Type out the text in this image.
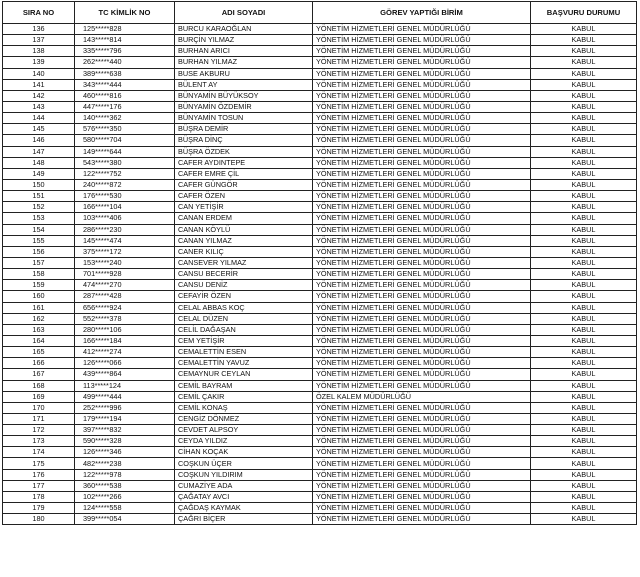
SIRA NO	TC KİMLİK NO	ADI SOYADI	GÖREV YAPTIĞI BİRİM	BAŞVURU DURUMU
136	125*****828	BURCU KARAOĞLAN	YÖNETİM HİZMETLERİ GENEL MÜDÜRLÜĞÜ	KABUL
137	143*****814	BURÇİN YILMAZ	YÖNETİM HİZMETLERİ GENEL MÜDÜRLÜĞÜ	KABUL
138	335*****796	BURHAN ARICI	YÖNETİM HİZMETLERİ GENEL MÜDÜRLÜĞÜ	KABUL
139	262*****440	BURHAN YILMAZ	YÖNETİM HİZMETLERİ GENEL MÜDÜRLÜĞÜ	KABUL
140	389*****638	BUSE AKBURU	YÖNETİM HİZMETLERİ GENEL MÜDÜRLÜĞÜ	KABUL
141	343*****444	BÜLENT AY	YÖNETİM HİZMETLERİ GENEL MÜDÜRLÜĞÜ	KABUL
142	460*****816	BÜNYAMİN BÜYÜKSOY	YÖNETİM HİZMETLERİ GENEL MÜDÜRLÜĞÜ	KABUL
143	447*****176	BÜNYAMİN ÖZDEMİR	YÖNETİM HİZMETLERİ GENEL MÜDÜRLÜĞÜ	KABUL
144	140*****362	BÜNYAMİN TOSUN	YÖNETİM HİZMETLERİ GENEL MÜDÜRLÜĞÜ	KABUL
145	576*****350	BÜŞRA DEMİR	YÖNETİM HİZMETLERİ GENEL MÜDÜRLÜĞÜ	KABUL
146	580*****704	BÜŞRA DİNÇ	YÖNETİM HİZMETLERİ GENEL MÜDÜRLÜĞÜ	KABUL
147	149*****644	BÜŞRA ÖZDEK	YÖNETİM HİZMETLERİ GENEL MÜDÜRLÜĞÜ	KABUL
148	543*****380	CAFER AYDINTEPE	YÖNETİM HİZMETLERİ GENEL MÜDÜRLÜĞÜ	KABUL
149	122*****752	CAFER EMRE ÇİL	YÖNETİM HİZMETLERİ GENEL MÜDÜRLÜĞÜ	KABUL
150	240*****872	CAFER GÜNGÖR	YÖNETİM HİZMETLERİ GENEL MÜDÜRLÜĞÜ	KABUL
151	176*****530	CAFER ÖZEN	YÖNETİM HİZMETLERİ GENEL MÜDÜRLÜĞÜ	KABUL
152	166*****104	CAN YETİŞİR	YÖNETİM HİZMETLERİ GENEL MÜDÜRLÜĞÜ	KABUL
153	103*****406	CANAN ERDEM	YÖNETİM HİZMETLERİ GENEL MÜDÜRLÜĞÜ	KABUL
154	286*****230	CANAN KÖYLÜ	YÖNETİM HİZMETLERİ GENEL MÜDÜRLÜĞÜ	KABUL
155	145*****474	CANAN YILMAZ	YÖNETİM HİZMETLERİ GENEL MÜDÜRLÜĞÜ	KABUL
156	375*****172	CANER KILIÇ	YÖNETİM HİZMETLERİ GENEL MÜDÜRLÜĞÜ	KABUL
157	153*****240	CANSEVER YILMAZ	YÖNETİM HİZMETLERİ GENEL MÜDÜRLÜĞÜ	KABUL
158	701*****928	CANSU BECERİR	YÖNETİM HİZMETLERİ GENEL MÜDÜRLÜĞÜ	KABUL
159	474*****270	CANSU DENİZ	YÖNETİM HİZMETLERİ GENEL MÜDÜRLÜĞÜ	KABUL
160	287*****428	CEFAYİR ÖZEN	YÖNETİM HİZMETLERİ GENEL MÜDÜRLÜĞÜ	KABUL
161	656*****924	CELAL ABBAS KOÇ	YÖNETİM HİZMETLERİ GENEL MÜDÜRLÜĞÜ	KABUL
162	552*****378	CELAL DÜZEN	YÖNETİM HİZMETLERİ GENEL MÜDÜRLÜĞÜ	KABUL
163	280*****106	CELİL DAĞAŞAN	YÖNETİM HİZMETLERİ GENEL MÜDÜRLÜĞÜ	KABUL
164	166*****184	CEM YETİŞİR	YÖNETİM HİZMETLERİ GENEL MÜDÜRLÜĞÜ	KABUL
165	412*****274	CEMALETTİN ESEN	YÖNETİM HİZMETLERİ GENEL MÜDÜRLÜĞÜ	KABUL
166	126*****066	CEMALETTİN YAVUZ	YÖNETİM HİZMETLERİ GENEL MÜDÜRLÜĞÜ	KABUL
167	439*****864	CEMAYNUR CEYLAN	YÖNETİM HİZMETLERİ GENEL MÜDÜRLÜĞÜ	KABUL
168	113*****124	CEMİL BAYRAM	YÖNETİM HİZMETLERİ GENEL MÜDÜRLÜĞÜ	KABUL
169	499*****444	CEMİL ÇAKIR	ÖZEL KALEM MÜDÜRLÜĞÜ	KABUL
170	252*****996	CEMİL KONAŞ	YÖNETİM HİZMETLERİ GENEL MÜDÜRLÜĞÜ	KABUL
171	179*****194	CENGİZ DÖNMEZ	YÖNETİM HİZMETLERİ GENEL MÜDÜRLÜĞÜ	KABUL
172	397*****832	CEVDET ALPSOY	YÖNETİM HİZMETLERİ GENEL MÜDÜRLÜĞÜ	KABUL
173	590*****328	CEYDA YILDIZ	YÖNETİM HİZMETLERİ GENEL MÜDÜRLÜĞÜ	KABUL
174	126*****346	CİHAN KOÇAK	YÖNETİM HİZMETLERİ GENEL MÜDÜRLÜĞÜ	KABUL
175	482*****238	COŞKUN ÜÇER	YÖNETİM HİZMETLERİ GENEL MÜDÜRLÜĞÜ	KABUL
176	122*****978	COŞKUN YILDIRIM	YÖNETİM HİZMETLERİ GENEL MÜDÜRLÜĞÜ	KABUL
177	360*****538	CUMAZİYE ADA	YÖNETİM HİZMETLERİ GENEL MÜDÜRLÜĞÜ	KABUL
178	102*****266	ÇAĞATAY AVCI	YÖNETİM HİZMETLERİ GENEL MÜDÜRLÜĞÜ	KABUL
179	124*****558	ÇAĞDAŞ KAYMAK	YÖNETİM HİZMETLERİ GENEL MÜDÜRLÜĞÜ	KABUL
180	399*****054	ÇAĞRI BİÇER	YÖNETİM HİZMETLERİ GENEL MÜDÜRLÜĞÜ	KABUL
